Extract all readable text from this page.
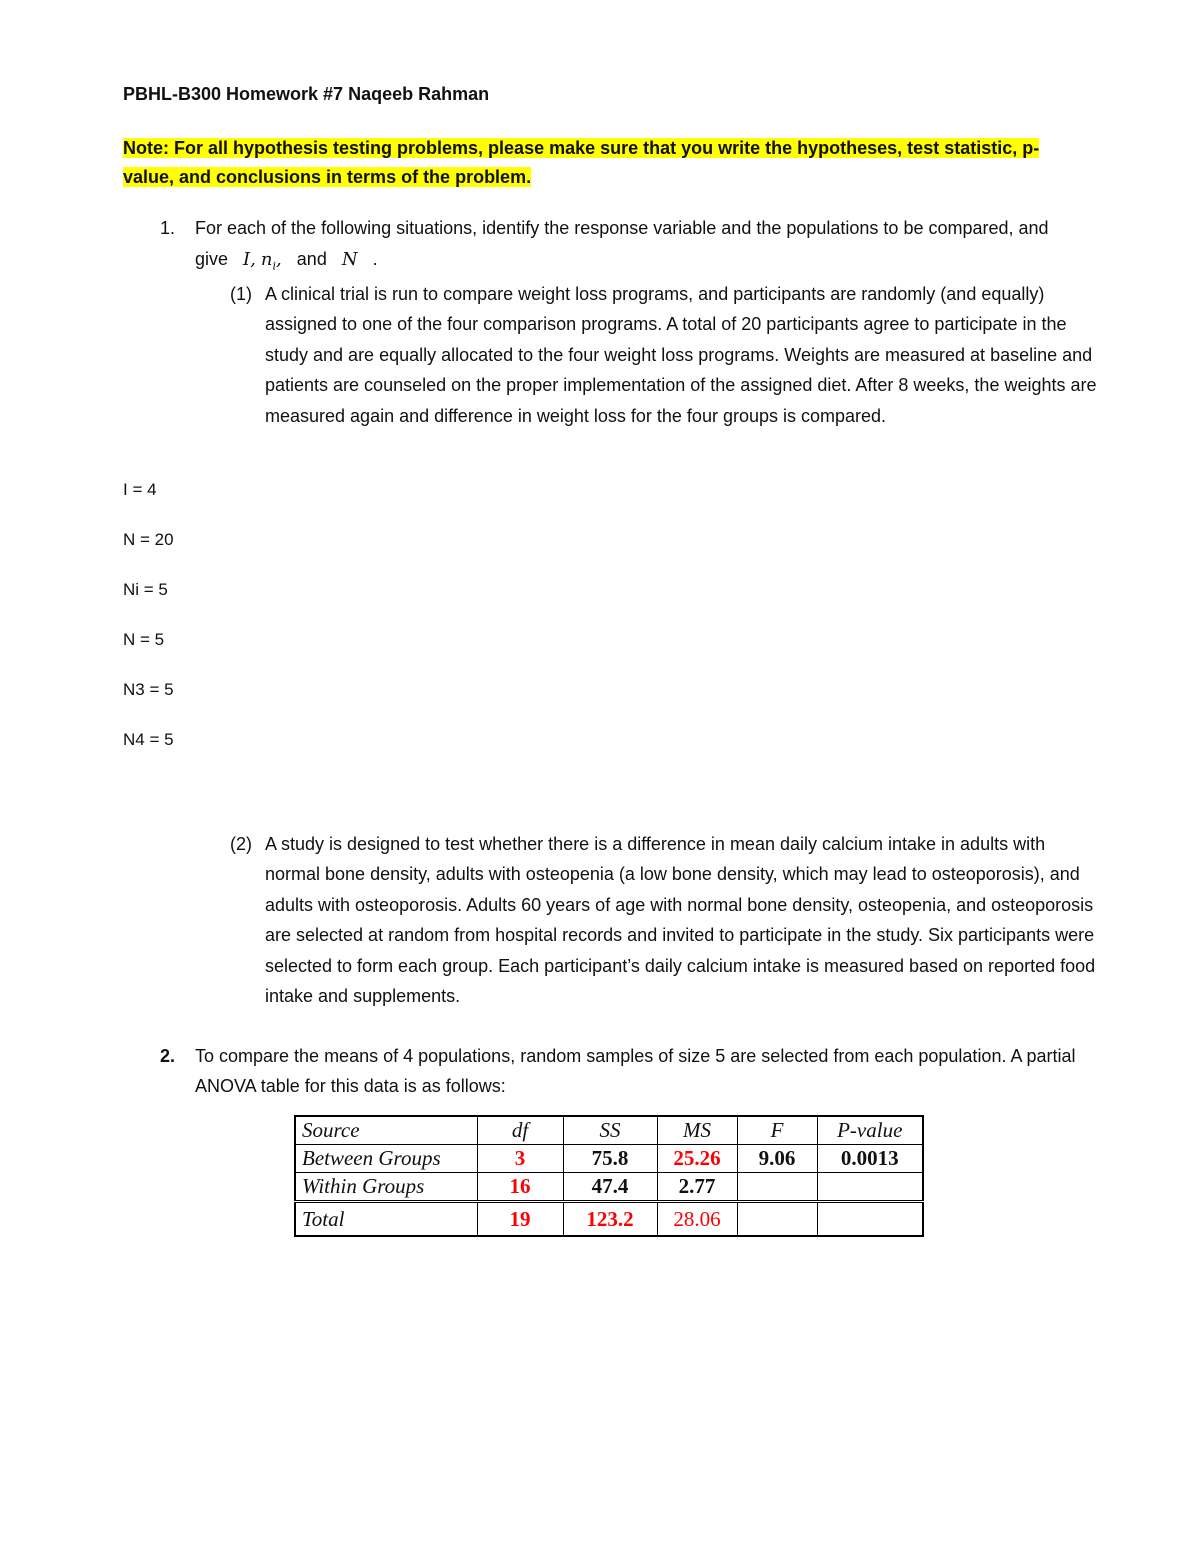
PBHL-B300 Homework #7 Naqeeb Rahman
Note: For all hypothesis testing problems, please make sure that you write the hypotheses, test statistic, p-value, and conclusions in terms of the problem.
1. For each of the following situations, identify the response variable and the populations to be compared, and give I, $n_i$, and N .
(1) A clinical trial is run to compare weight loss programs, and participants are randomly (and equally) assigned to one of the four comparison programs. A total of 20 participants agree to participate in the study and are equally allocated to the four weight loss programs. Weights are measured at baseline and patients are counseled on the proper implementation of the assigned diet. After 8 weeks, the weights are measured again and difference in weight loss for the four groups is compared.
I = 4
N = 20
Ni = 5
N = 5
N3 = 5
N4 = 5
(2) A study is designed to test whether there is a difference in mean daily calcium intake in adults with normal bone density, adults with osteopenia (a low bone density, which may lead to osteoporosis), and adults with osteoporosis. Adults 60 years of age with normal bone density, osteopenia, and osteoporosis are selected at random from hospital records and invited to participate in the study. Six participants were selected to form each group. Each participant’s daily calcium intake is measured based on reported food intake and supplements.
2. To compare the means of 4 populations, random samples of size 5 are selected from each population. A partial ANOVA table for this data is as follows:
Source	df	SS	MS	F	P-value
Between Groups	3	75.8	25.26	9.06	0.0013
Within Groups	16	47.4	2.77		
Total	19	123.2	28.06		
